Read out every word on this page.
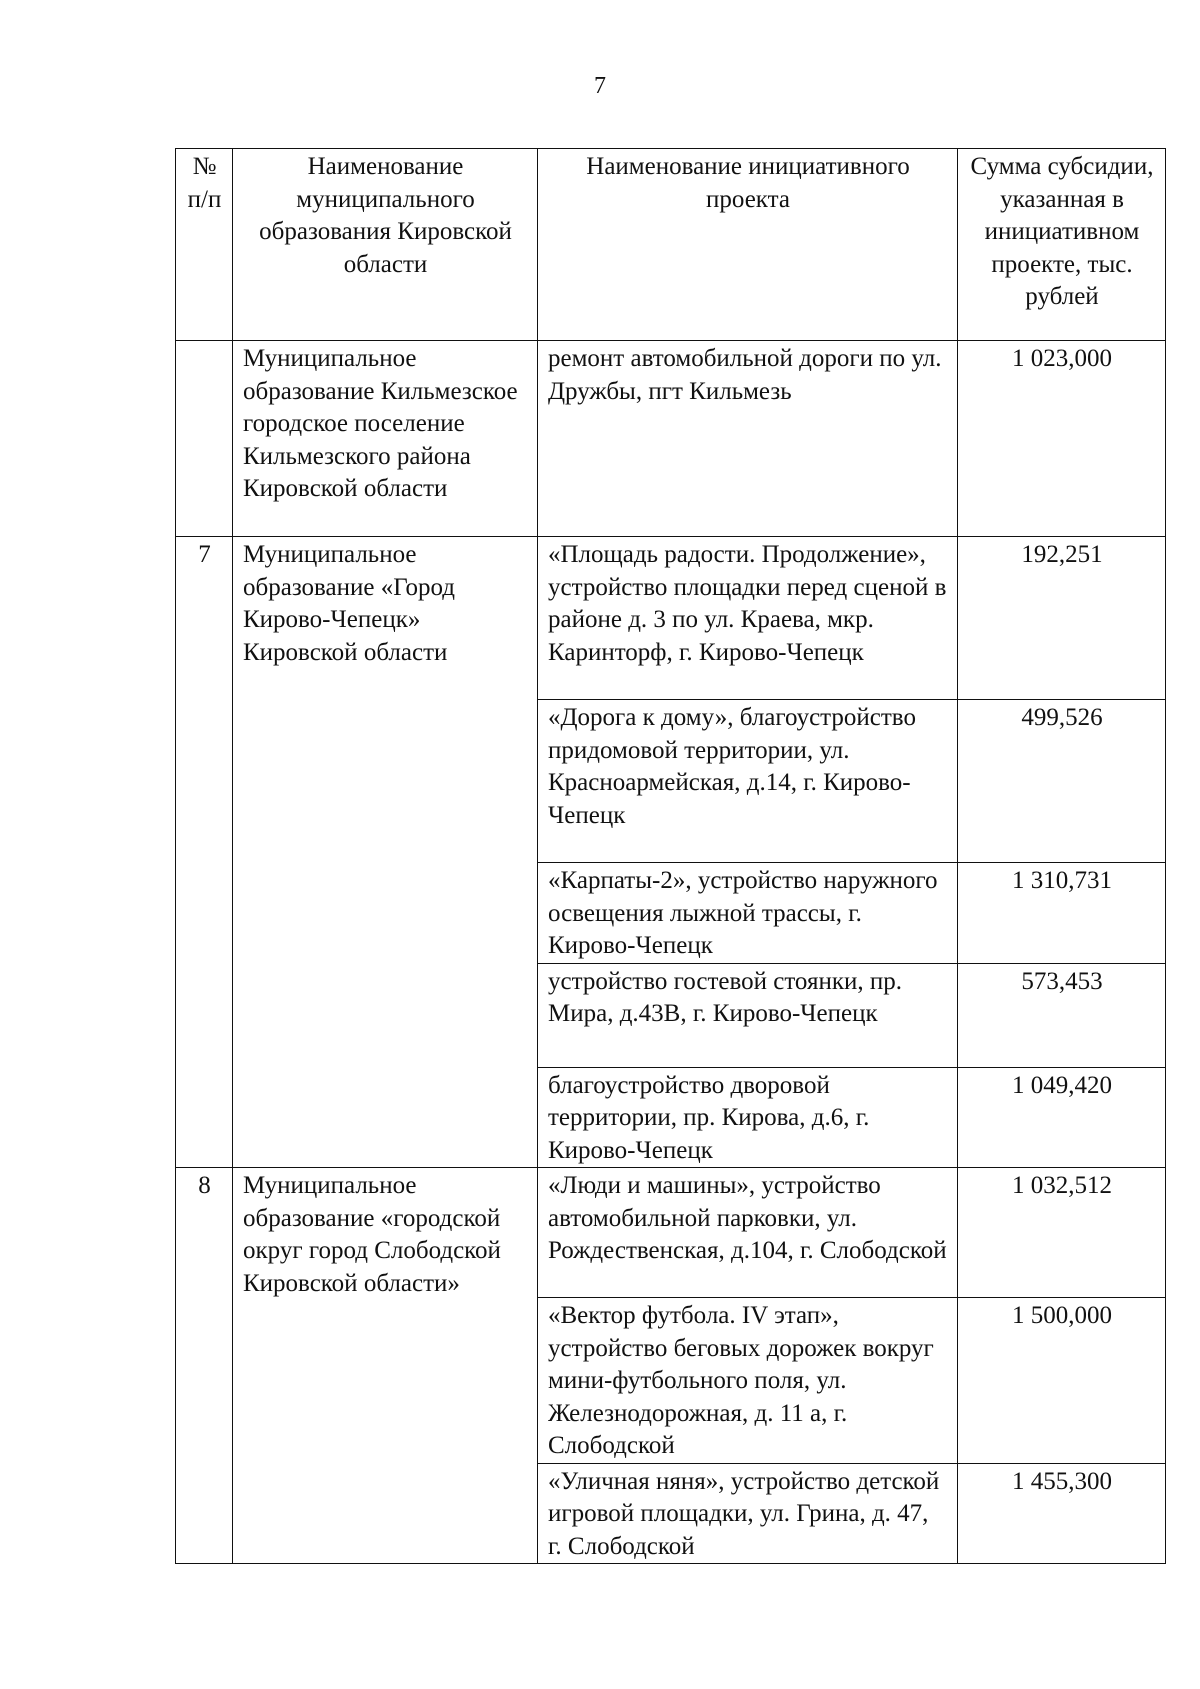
7
№ п/п	Наименование муниципального образования Кировской области	Наименование инициативного проекта	Сумма субсидии, указанная в инициативном проекте, тыс. рублей
	Муниципальное образование Кильмезское городское поселение Кильмезского района Кировской области	ремонт автомобильной дороги по ул. Дружбы, пгт Кильмезь	1 023,000
7	Муниципальное образование «Город Кирово-Чепецк» Кировской области	«Площадь радости. Продолжение», устройство площадки перед сценой в районе д. 3 по ул. Краева, мкр. Каринторф, г. Кирово-Чепецк	192,251
		«Дорога к дому», благоустройство придомовой территории, ул. Красноармейская, д.14, г. Кирово-Чепецк	499,526
		«Карпаты-2», устройство наружного освещения лыжной трассы, г. Кирово-Чепецк	1 310,731
		устройство гостевой стоянки, пр. Мира, д.43В, г. Кирово-Чепецк	573,453
		благоустройство дворовой территории, пр. Кирова, д.6, г. Кирово-Чепецк	1 049,420
8	Муниципальное образование «городской округ город Слободской Кировской области»	«Люди и машины», устройство автомобильной парковки, ул. Рождественская, д.104, г. Слободской	1 032,512
		«Вектор футбола. IV этап», устройство беговых дорожек вокруг мини-футбольного поля, ул. Железнодорожная, д. 11 а, г. Слободской	1 500,000
		«Уличная няня», устройство детской игровой площадки, ул. Грина, д. 47, г. Слободской	1 455,300
